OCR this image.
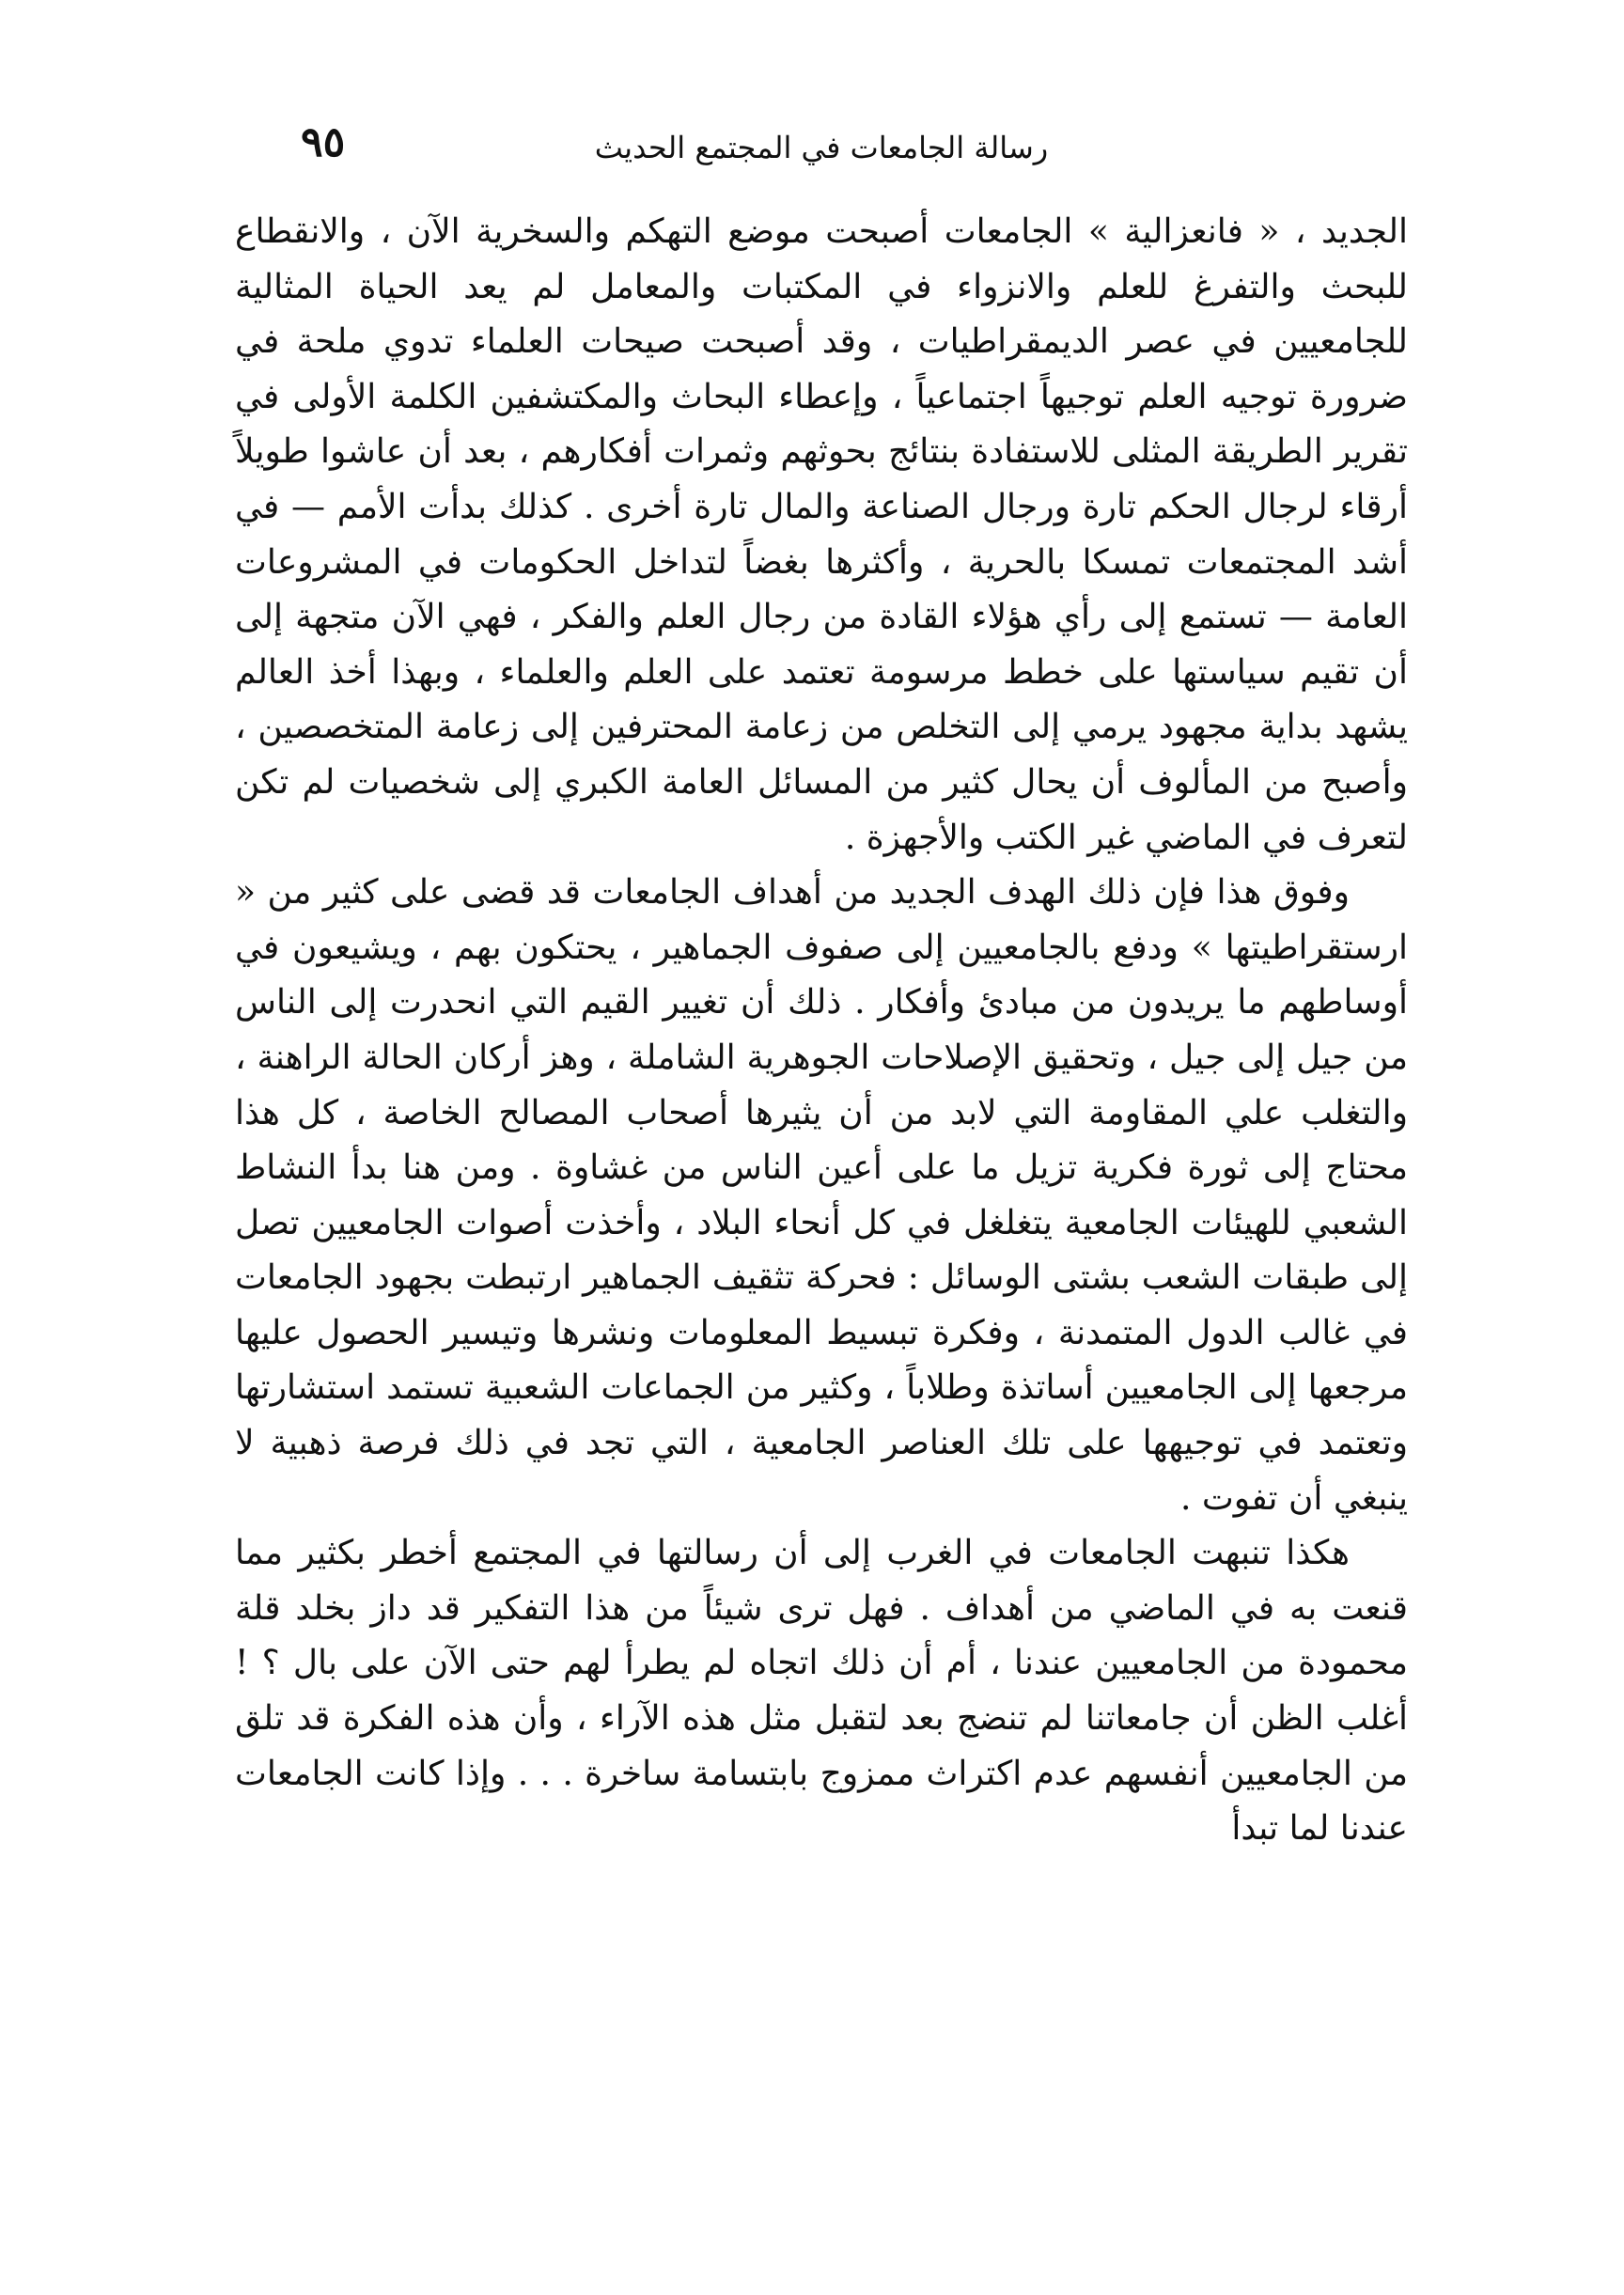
رسالة الجامعات في المجتمع الحديث
٩٥

الجديد ، « فانعزالية » الجامعات أصبحت موضع التهكم والسخرية الآن ، والانقطاع للبحث والتفرغ للعلم والانزواء في المكتبات والمعامل لم يعد الحياة المثالية للجامعيين في عصر الديمقراطيات ، وقد أصبحت صيحات العلماء تدوي ملحة في ضرورة توجيه العلم توجيهاً اجتماعياً ، وإعطاء البحاث والمكتشفين الكلمة الأولى في تقرير الطريقة المثلى للاستفادة بنتائج بحوثهم وثمرات أفكارهم ، بعد أن عاشوا طويلاً أرقاء لرجال الحكم تارة ورجال الصناعة والمال تارة أخرى . كذلك بدأت الأمم — في أشد المجتمعات تمسكا بالحرية ، وأكثرها بغضاً لتداخل الحكومات في المشروعات العامة — تستمع إلى رأي هؤلاء القادة من رجال العلم والفكر ، فهي الآن متجهة إلى أن تقيم سياستها على خطط مرسومة تعتمد على العلم والعلماء ، وبهذا أخذ العالم يشهد بداية مجهود يرمي إلى التخلص من زعامة المحترفين إلى زعامة المتخصصين ، وأصبح من المألوف أن يحال كثير من المسائل العامة الكبري إلى شخصيات لم تكن لتعرف في الماضي غير الكتب والأجهزة .

وفوق هذا فإن ذلك الهدف الجديد من أهداف الجامعات قد قضى على كثير من « ارستقراطيتها » ودفع بالجامعيين إلى صفوف الجماهير ، يحتكون بهم ، ويشيعون في أوساطهم ما يريدون من مبادئ وأفكار . ذلك أن تغيير القيم التي انحدرت إلى الناس من جيل إلى جيل ، وتحقيق الإصلاحات الجوهرية الشاملة ، وهز أركان الحالة الراهنة ، والتغلب علي المقاومة التي لابد من أن يثيرها أصحاب المصالح الخاصة ، كل هذا محتاج إلى ثورة فكرية تزيل ما على أعين الناس من غشاوة . ومن هنا بدأ النشاط الشعبي للهيئات الجامعية يتغلغل في كل أنحاء البلاد ، وأخذت أصوات الجامعيين تصل إلى طبقات الشعب بشتى الوسائل : فحركة تثقيف الجماهير ارتبطت بجهود الجامعات في غالب الدول المتمدنة ، وفكرة تبسيط المعلومات ونشرها وتيسير الحصول عليها مرجعها إلى الجامعيين أساتذة وطلاباً ، وكثير من الجماعات الشعبية تستمد استشارتها وتعتمد في توجيهها على تلك العناصر الجامعية ، التي تجد في ذلك فرصة ذهبية لا ينبغي أن تفوت .

هكذا تنبهت الجامعات في الغرب إلى أن رسالتها في المجتمع أخطر بكثير مما قنعت به في الماضي من أهداف . فهل ترى شيئاً من هذا التفكير قد داز بخلد قلة محمودة من الجامعيين عندنا ، أم أن ذلك اتجاه لم يطرأ لهم حتى الآن على بال ؟ ! أغلب الظن أن جامعاتنا لم تنضج بعد لتقبل مثل هذه الآراء ، وأن هذه الفكرة قد تلق من الجامعيين أنفسهم عدم اكتراث ممزوج بابتسامة ساخرة . . . وإذا كانت الجامعات عندنا لما تبدأ
